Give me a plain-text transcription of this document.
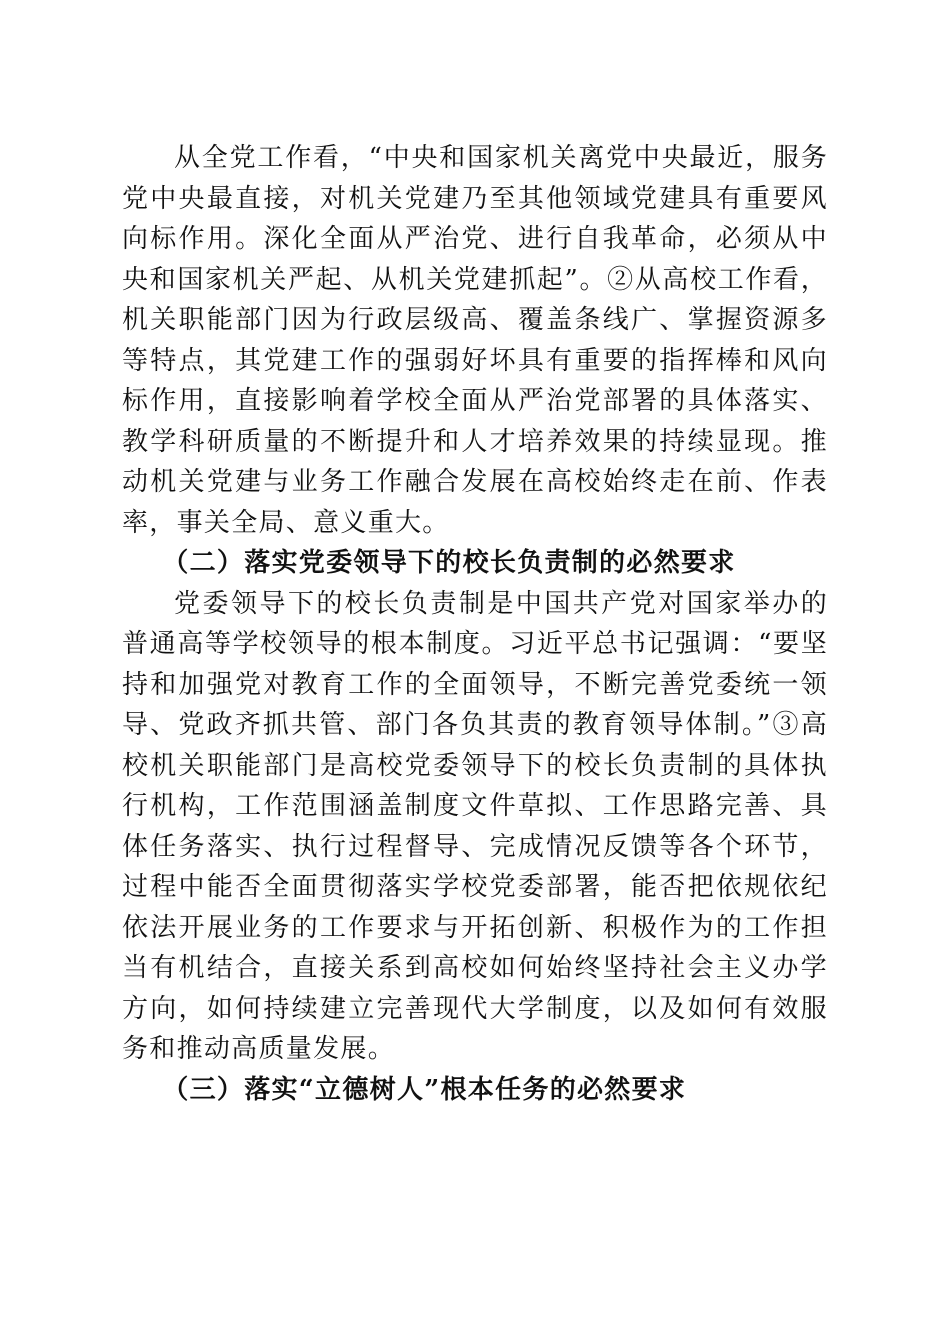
从全党工作看，“中央和国家机关离党中央最近，服务党中央最直接，对机关党建乃至其他领域党建具有重要风向标作用。深化全面从严治党、进行自我革命，必须从中央和国家机关严起、从机关党建抓起”。②从高校工作看，机关职能部门因为行政层级高、覆盖条线广、掌握资源多等特点，其党建工作的强弱好坏具有重要的指挥棒和风向标作用，直接影响着学校全面从严治党部署的具体落实、教学科研质量的不断提升和人才培养效果的持续显现。推动机关党建与业务工作融合发展在高校始终走在前、作表率，事关全局、意义重大。

（二）落实党委领导下的校长负责制的必然要求

党委领导下的校长负责制是中国共产党对国家举办的普通高等学校领导的根本制度。习近平总书记强调：“要坚持和加强党对教育工作的全面领导，不断完善党委统一领导、党政齐抓共管、部门各负其责的教育领导体制。”③高校机关职能部门是高校党委领导下的校长负责制的具体执行机构，工作范围涵盖制度文件草拟、工作思路完善、具体任务落实、执行过程督导、完成情况反馈等各个环节，过程中能否全面贯彻落实学校党委部署，能否把依规依纪依法开展业务的工作要求与开拓创新、积极作为的工作担当有机结合，直接关系到高校如何始终坚持社会主义办学方向，如何持续建立完善现代大学制度，以及如何有效服务和推动高质量发展。

（三）落实“立德树人”根本任务的必然要求
